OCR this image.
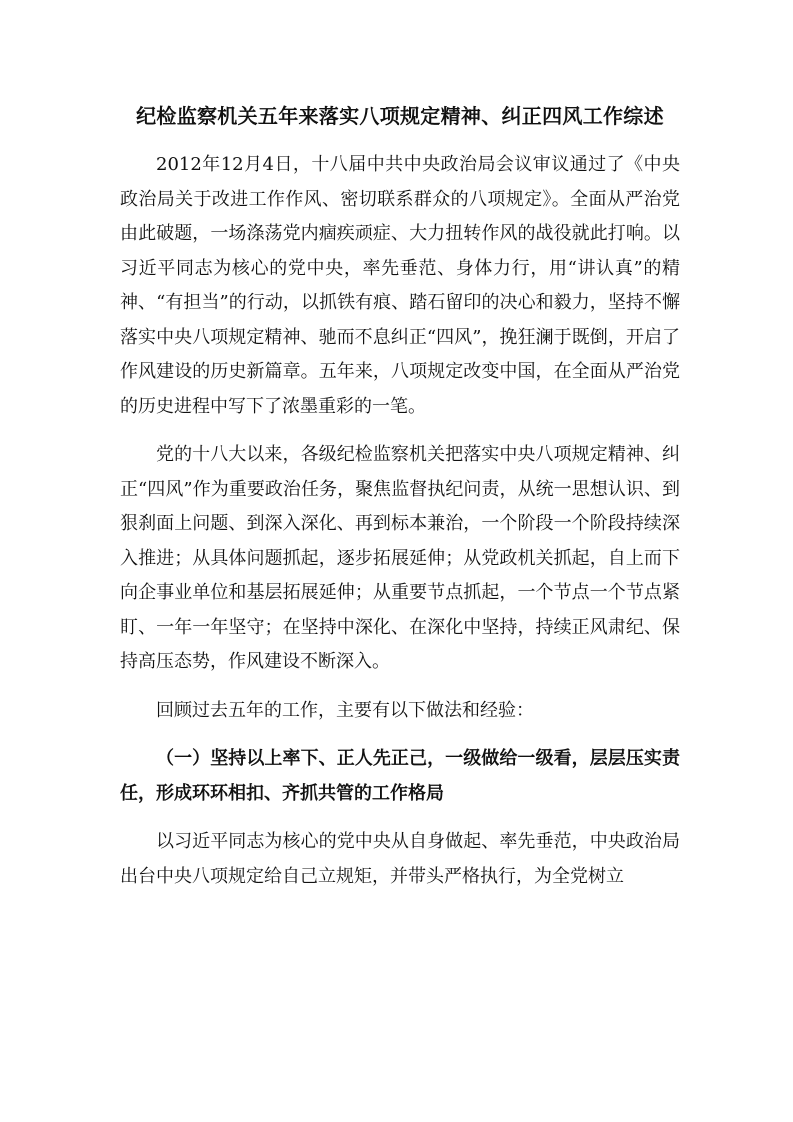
纪检监察机关五年来落实八项规定精神、纠正四风工作综述

2012年12月4日，十八届中共中央政治局会议审议通过了《中央政治局关于改进工作作风、密切联系群众的八项规定》。全面从严治党由此破题，一场涤荡党内痼疾顽症、大力扭转作风的战役就此打响。以习近平同志为核心的党中央，率先垂范、身体力行，用“讲认真”的精神、“有担当”的行动，以抓铁有痕、踏石留印的决心和毅力，坚持不懈落实中央八项规定精神、驰而不息纠正“四风”，挽狂澜于既倒，开启了作风建设的历史新篇章。五年来，八项规定改变中国，在全面从严治党的历史进程中写下了浓墨重彩的一笔。

党的十八大以来，各级纪检监察机关把落实中央八项规定精神、纠正“四风”作为重要政治任务，聚焦监督执纪问责，从统一思想认识、到狠刹面上问题、到深入深化、再到标本兼治，一个阶段一个阶段持续深入推进；从具体问题抓起，逐步拓展延伸；从党政机关抓起，自上而下向企事业单位和基层拓展延伸；从重要节点抓起，一个节点一个节点紧盯、一年一年坚守；在坚持中深化、在深化中坚持，持续正风肃纪、保持高压态势，作风建设不断深入。

回顾过去五年的工作，主要有以下做法和经验：

（一）坚持以上率下、正人先正己，一级做给一级看，层层压实责任，形成环环相扣、齐抓共管的工作格局

以习近平同志为核心的党中央从自身做起、率先垂范，中央政治局出台中央八项规定给自己立规矩，并带头严格执行，为全党树立
